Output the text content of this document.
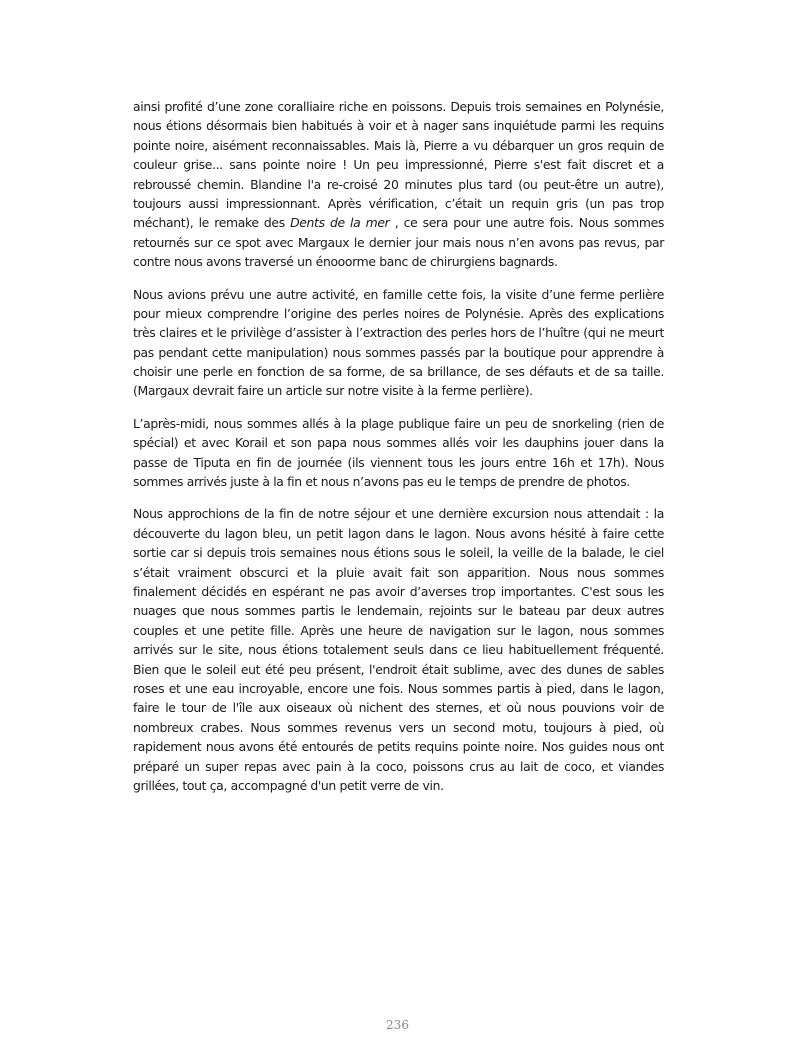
ainsi profité d’une zone coralliaire riche en poissons. Depuis trois semaines en Polynésie,
nous étions désormais bien habitués à voir et à nager sans inquiétude parmi les requins
pointe noire, aisément reconnaissables. Mais là, Pierre a vu débarquer un gros requin de
couleur grise... sans pointe noire ! Un peu impressionné, Pierre s'est fait discret et a
rebroussé chemin. Blandine l'a re-croisé 20 minutes plus tard (ou peut-être un autre),
toujours aussi impressionnant. Après vérification, c’était un requin gris (un pas trop
méchant), le remake des Dents de la mer , ce sera pour une autre fois. Nous sommes
retournés sur ce spot avec Margaux le dernier jour mais nous n’en avons pas revus, par
contre nous avons traversé un énooorme banc de chirurgiens bagnards.

Nous avions prévu une autre activité, en famille cette fois, la visite d’une ferme perlière
pour mieux comprendre l’origine des perles noires de Polynésie. Après des explications
très claires et le privilège d’assister à l’extraction des perles hors de l’huître (qui ne meurt
pas pendant cette manipulation) nous sommes passés par la boutique pour apprendre à
choisir une perle en fonction de sa forme, de sa brillance, de ses défauts et de sa taille.
(Margaux devrait faire un article sur notre visite à la ferme perlière).

L’après-midi, nous sommes allés à la plage publique faire un peu de snorkeling (rien de
spécial) et avec Korail et son papa nous sommes allés voir les dauphins jouer dans la
passe de Tiputa en fin de journée (ils viennent tous les jours entre 16h et 17h). Nous
sommes arrivés juste à la fin et nous n’avons pas eu le temps de prendre de photos.

Nous approchions de la fin de notre séjour et une dernière excursion nous attendait : la
découverte du lagon bleu, un petit lagon dans le lagon. Nous avons hésité à faire cette
sortie car si depuis trois semaines nous étions sous le soleil, la veille de la balade, le ciel
s’était vraiment obscurci et la pluie avait fait son apparition. Nous nous sommes
finalement décidés en espérant ne pas avoir d’averses trop importantes. C'est sous les
nuages que nous sommes partis le lendemain, rejoints sur le bateau par deux autres
couples et une petite fille. Après une heure de navigation sur le lagon, nous sommes
arrivés sur le site, nous étions totalement seuls dans ce lieu habituellement fréquenté.
Bien que le soleil eut été peu présent, l'endroit était sublime, avec des dunes de sables
roses et une eau incroyable, encore une fois. Nous sommes partis à pied, dans le lagon,
faire le tour de l'île aux oiseaux où nichent des sternes, et où nous pouvions voir de
nombreux crabes. Nous sommes revenus vers un second motu, toujours à pied, où
rapidement nous avons été entourés de petits requins pointe noire. Nos guides nous ont
préparé un super repas avec pain à la coco, poissons crus au lait de coco, et viandes
grillées, tout ça, accompagné d'un petit verre de vin.

236
